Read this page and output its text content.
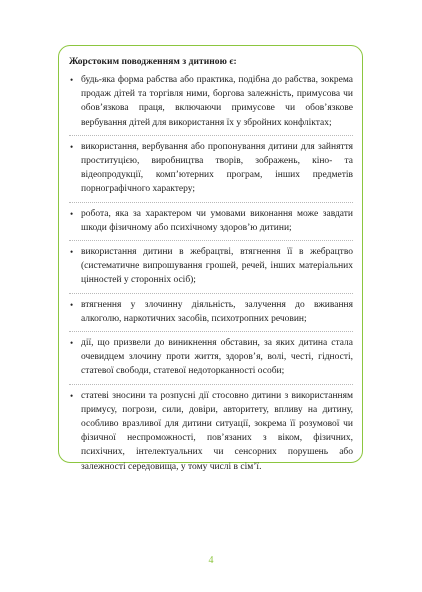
Жорстоким поводженням з дитиною є:
• будь-яка форма рабства або практика, подібна до рабства, зокрема продаж дітей та торгівля ними, боргова залежність, примусова чи обов’язкова праця, включаючи примусове чи обов’язкове вербування дітей для використання їх у збройних конфліктах;
• використання, вербування або пропонування дитини для зайняття проституцією, виробництва творів, зображень, кіно- та відеопродукції, комп’ютерних програм, інших предметів порнографічного характеру;
• робота, яка за характером чи умовами виконання може завдати шкоди фізичному або психічному здоров’ю дитини;
• використання дитини в жебрацтві, втягнення її в жебрацтво (систематичне випрошування грошей, речей, інших матеріальних цінностей у сторонніх осіб);
• втягнення у злочинну діяльність, залучення до вживання алкоголю, наркотичних засобів, психотропних речовин;
• дії, що призвели до виникнення обставин, за яких дитина стала очевидцем злочину проти життя, здоров’я, волі, честі, гідності, статевої свободи, статевої недоторканності особи;
• статеві зносини та розпусні дії стосовно дитини з використанням примусу, погрози, сили, довіри, авторитету, впливу на дитину, особливо вразливої для дитини ситуації, зокрема її розумової чи фізичної неспроможності, пов’язаних з віком, фізичних, психічних, інтелектуальних чи сенсорних порушень або залежності середовища, у тому числі в сім’ї.
4
